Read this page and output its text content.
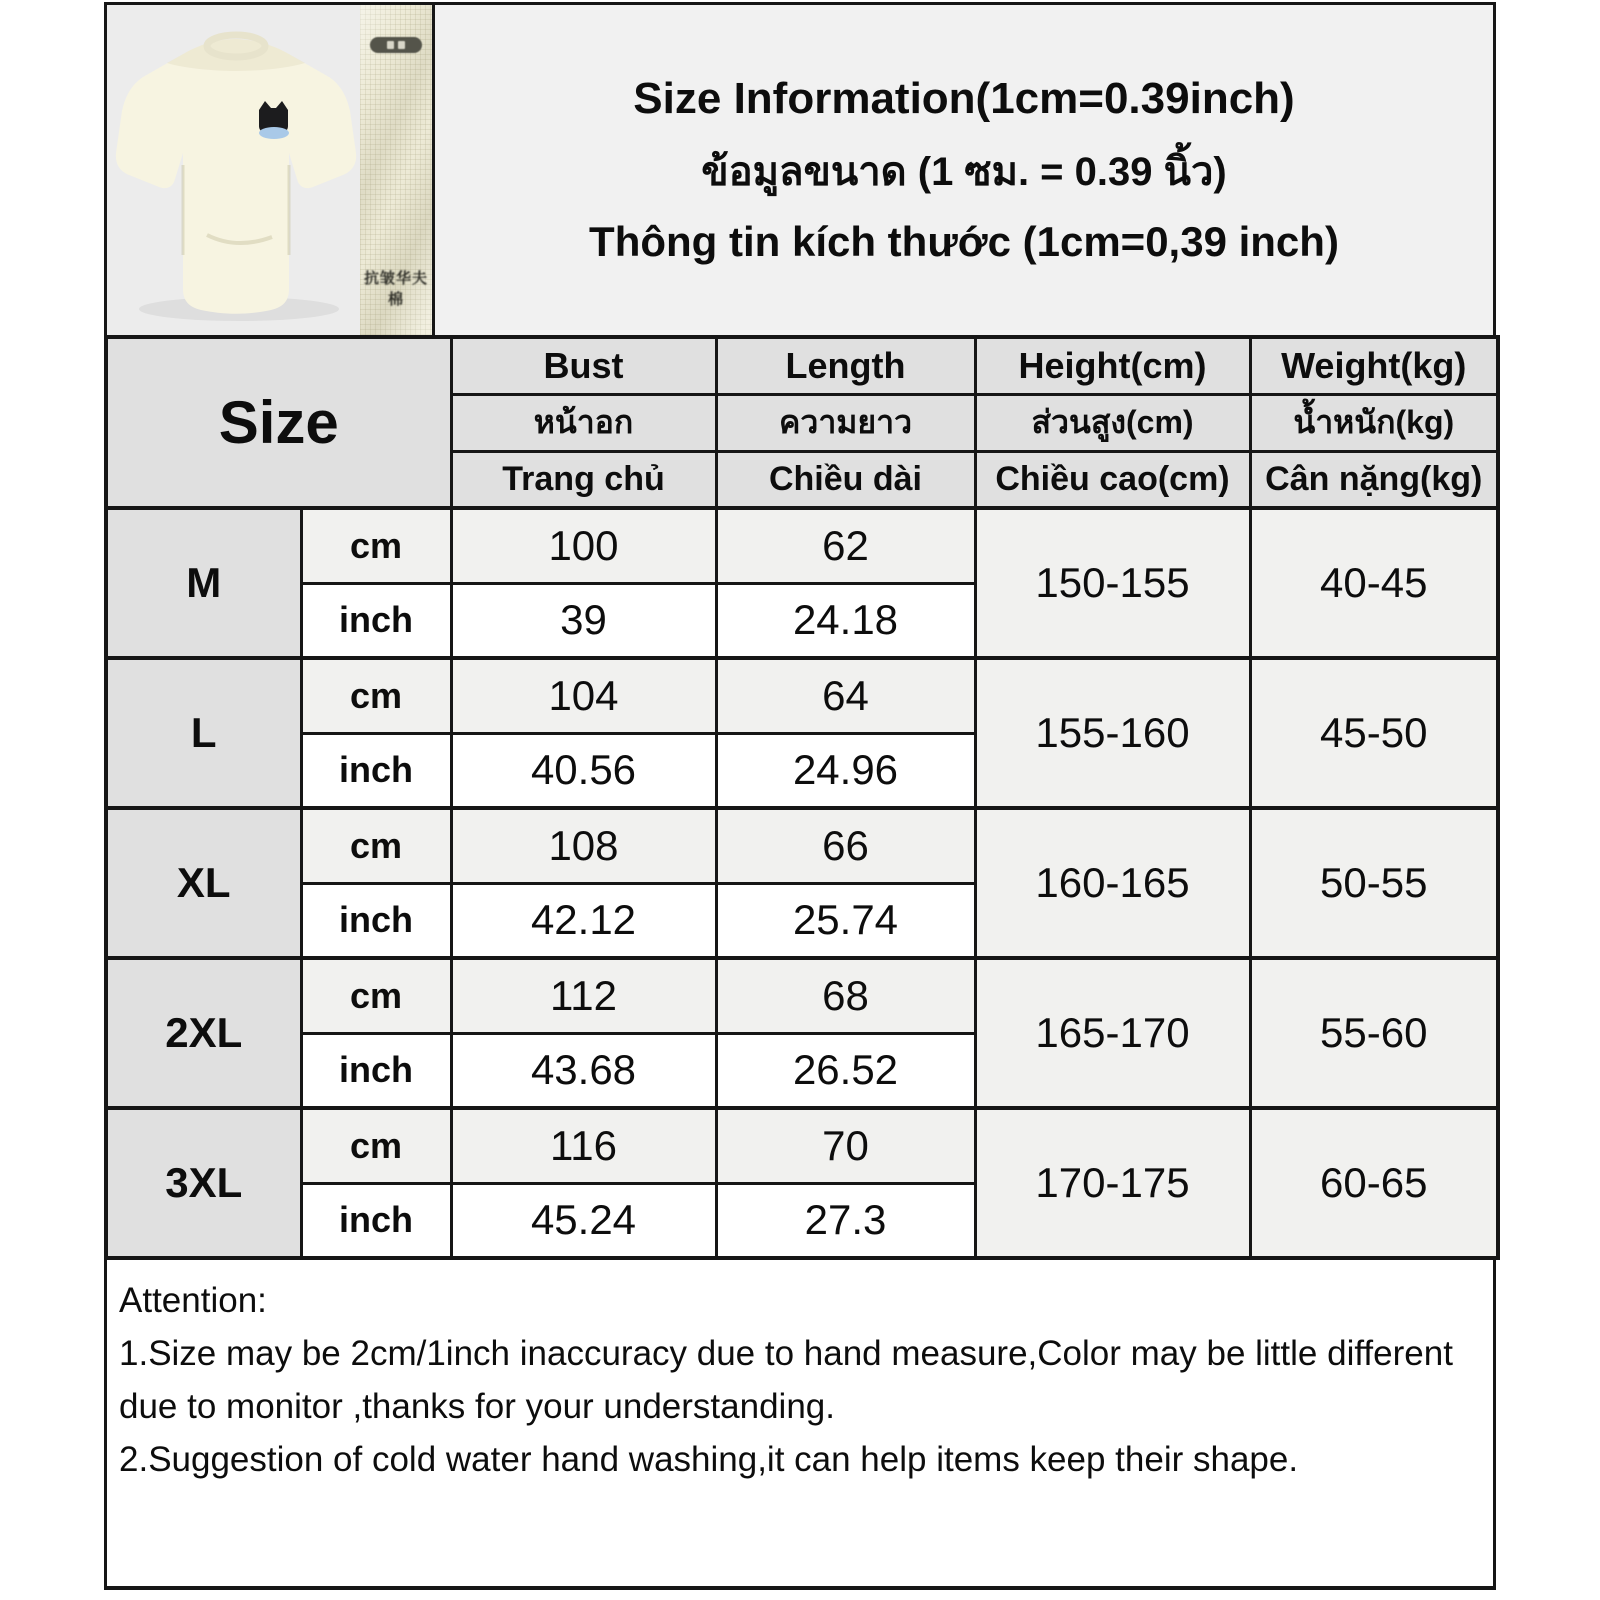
抗皱华夫棉
Size Information(1cm=0.39inch)
ข้อมูลขนาด (1 ซม. = 0.39 นิ้ว)
Thông tin kích thước (1cm=0,39 inch)
Size		Bust	Length	Height(cm)	Weight(kg)
		หน้าอก	ความยาว	ส่วนสูง(cm)	น้ำหนัก(kg)
		Trang chủ	Chiều dài	Chiều cao(cm)	Cân nặng(kg)
M	cm	100	62	150-155	40-45
	inch	39	24.18		
L	cm	104	64	155-160	45-50
	inch	40.56	24.96		
XL	cm	108	66	160-165	50-55
	inch	42.12	25.74		
2XL	cm	112	68	165-170	55-60
	inch	43.68	26.52		
3XL	cm	116	70	170-175	60-65
	inch	45.24	27.3		

Attention:

1.Size may be 2cm/1inch inaccuracy due to hand measure,Color may be little different due to monitor ,thanks for your understanding.

2.Suggestion of cold water hand washing,it can help items keep their shape.
